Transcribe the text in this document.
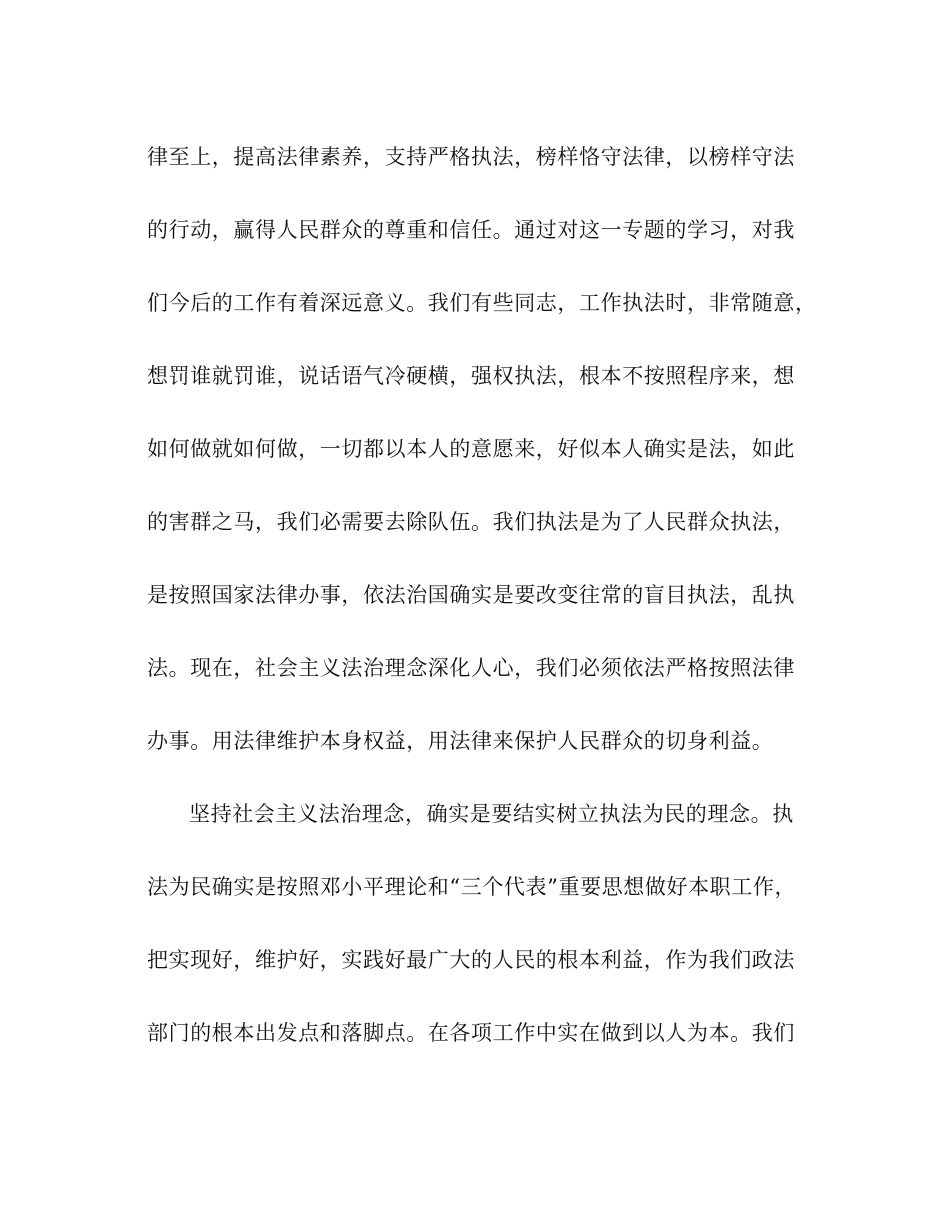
律至上，提高法律素养，支持严格执法，榜样恪守法律，以榜样守法
的行动，赢得人民群众的尊重和信任。通过对这一专题的学习，对我
们今后的工作有着深远意义。我们有些同志，工作执法时，非常随意，
想罚谁就罚谁，说话语气冷硬横，强权执法，根本不按照程序来，想
如何做就如何做，一切都以本人的意愿来，好似本人确实是法，如此
的害群之马，我们必需要去除队伍。我们执法是为了人民群众执法，
是按照国家法律办事，依法治国确实是要改变往常的盲目执法，乱执
法。现在，社会主义法治理念深化人心，我们必须依法严格按照法律
办事。用法律维护本身权益，用法律来保护人民群众的切身利益。
坚持社会主义法治理念，确实是要结实树立执法为民的理念。执
法为民确实是按照邓小平理论和“三个代表”重要思想做好本职工作，
把实现好，维护好，实践好最广大的人民的根本利益，作为我们政法
部门的根本出发点和落脚点。在各项工作中实在做到以人为本。我们
